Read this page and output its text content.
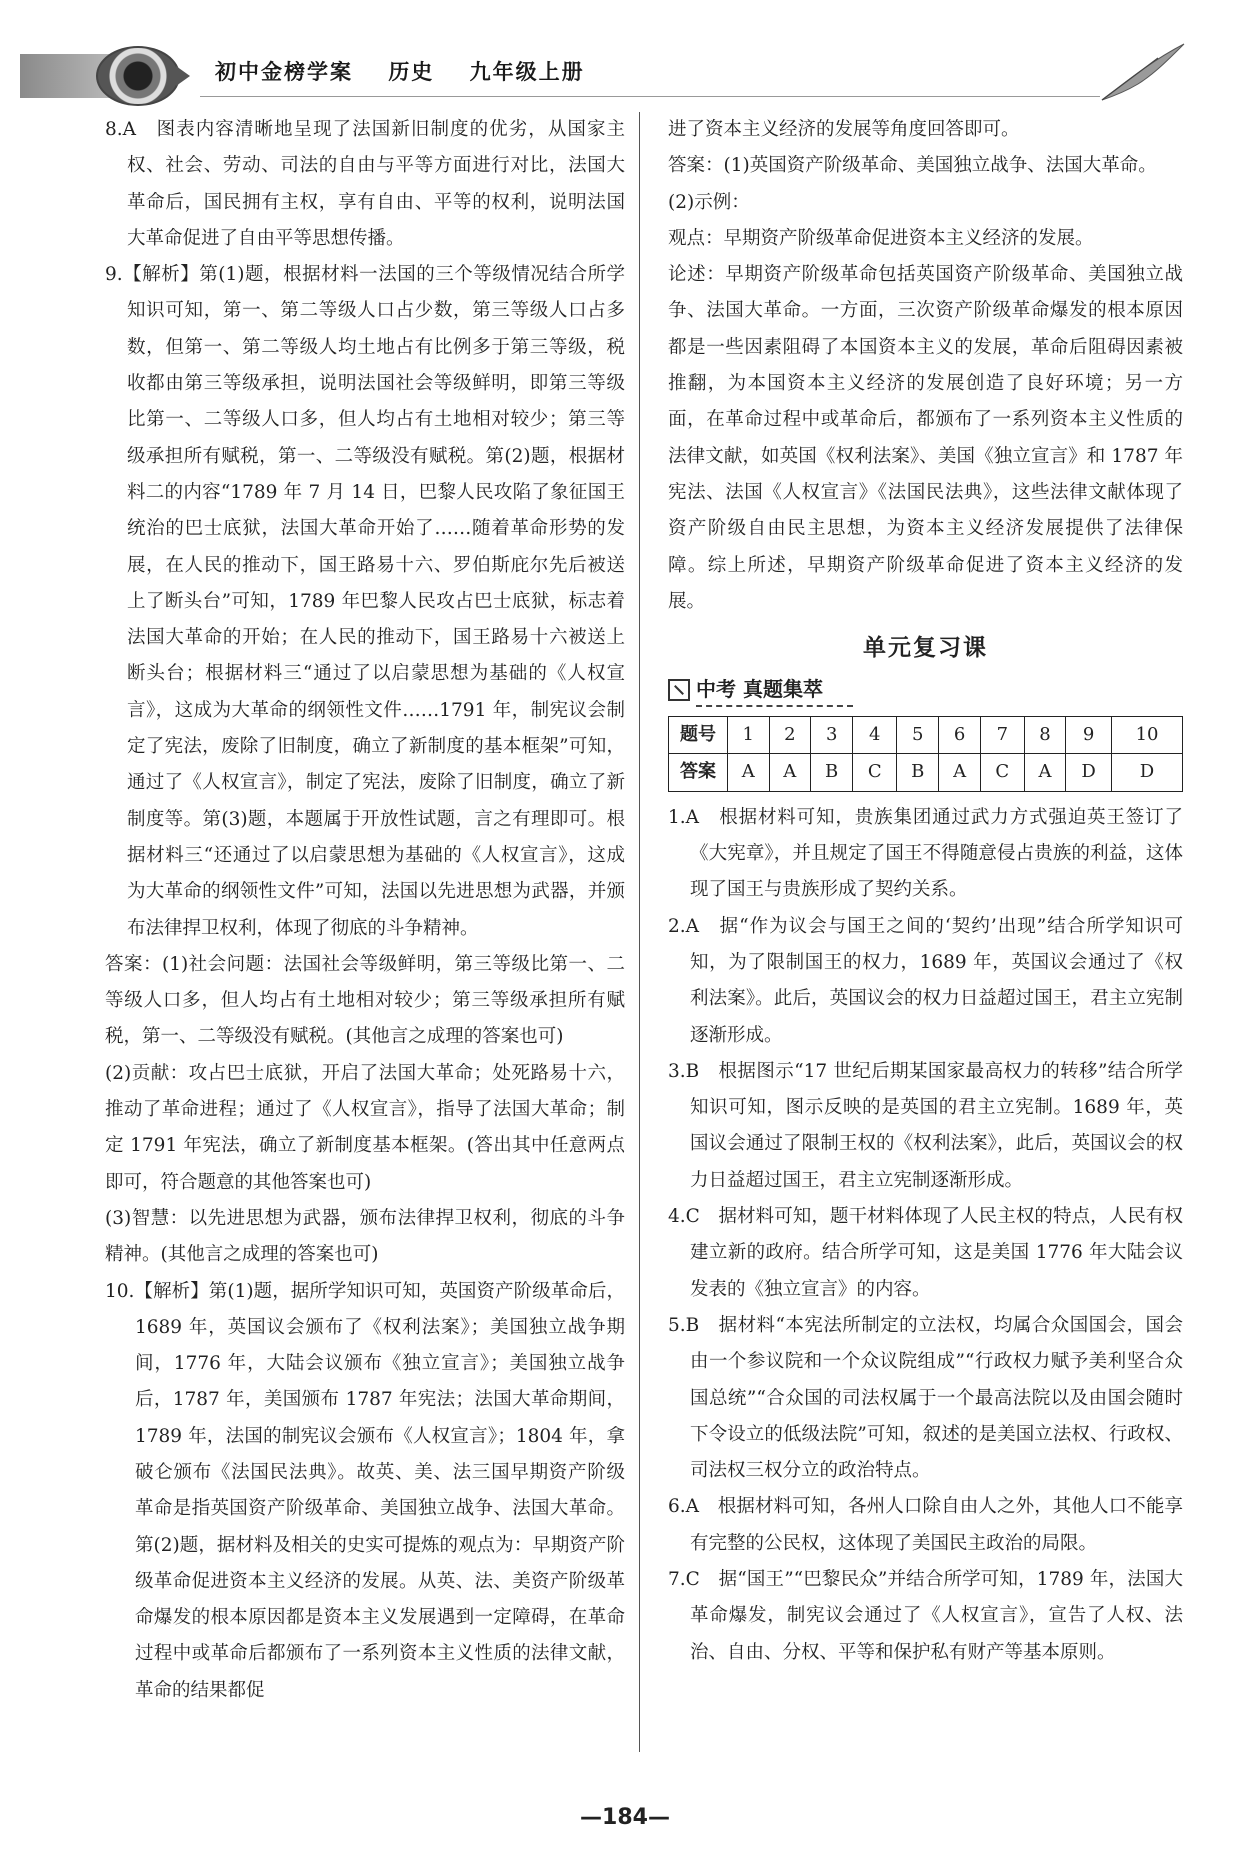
初中金榜学案 历史 九年级上册

8.A　图表内容清晰地呈现了法国新旧制度的优劣，从国家主权、社会、劳动、司法的自由与平等方面进行对比，法国大革命后，国民拥有主权，享有自由、平等的权利，说明法国大革命促进了自由平等思想传播。

9.【解析】第(1)题，根据材料一法国的三个等级情况结合所学知识可知，第一、第二等级人口占少数，第三等级人口占多数，但第一、第二等级人均土地占有比例多于第三等级，税收都由第三等级承担，说明法国社会等级鲜明，即第三等级比第一、二等级人口多，但人均占有土地相对较少；第三等级承担所有赋税，第一、二等级没有赋税。第(2)题，根据材料二的内容“1789 年 7 月 14 日，巴黎人民攻陷了象征国王统治的巴士底狱，法国大革命开始了……随着革命形势的发展，在人民的推动下，国王路易十六、罗伯斯庇尔先后被送上了断头台”可知，1789 年巴黎人民攻占巴士底狱，标志着法国大革命的开始；在人民的推动下，国王路易十六被送上断头台；根据材料三“通过了以启蒙思想为基础的《人权宣言》，这成为大革命的纲领性文件……1791 年，制宪议会制定了宪法，废除了旧制度，确立了新制度的基本框架”可知，通过了《人权宣言》，制定了宪法，废除了旧制度，确立了新制度等。第(3)题，本题属于开放性试题，言之有理即可。根据材料三“还通过了以启蒙思想为基础的《人权宣言》，这成为大革命的纲领性文件”可知，法国以先进思想为武器，并颁布法律捍卫权利，体现了彻底的斗争精神。

答案：(1)社会问题：法国社会等级鲜明，第三等级比第一、二等级人口多，但人均占有土地相对较少；第三等级承担所有赋税，第一、二等级没有赋税。(其他言之成理的答案也可)

(2)贡献：攻占巴士底狱，开启了法国大革命；处死路易十六，推动了革命进程；通过了《人权宣言》，指导了法国大革命；制定 1791 年宪法，确立了新制度基本框架。(答出其中任意两点即可，符合题意的其他答案也可)

(3)智慧：以先进思想为武器，颁布法律捍卫权利，彻底的斗争精神。(其他言之成理的答案也可)

10.【解析】第(1)题，据所学知识可知，英国资产阶级革命后，1689 年，英国议会颁布了《权利法案》；美国独立战争期间，1776 年，大陆会议颁布《独立宣言》；美国独立战争后，1787 年，美国颁布 1787 年宪法；法国大革命期间，1789 年，法国的制宪议会颁布《人权宣言》；1804 年，拿破仑颁布《法国民法典》。故英、美、法三国早期资产阶级革命是指英国资产阶级革命、美国独立战争、法国大革命。第(2)题，据材料及相关的史实可提炼的观点为：早期资产阶级革命促进资本主义经济的发展。从英、法、美资产阶级革命爆发的根本原因都是资本主义发展遇到一定障碍，在革命过程中或革命后都颁布了一系列资本主义性质的法律文献，革命的结果都促

进了资本主义经济的发展等角度回答即可。

答案：(1)英国资产阶级革命、美国独立战争、法国大革命。

(2)示例：

观点：早期资产阶级革命促进资本主义经济的发展。

论述：早期资产阶级革命包括英国资产阶级革命、美国独立战争、法国大革命。一方面，三次资产阶级革命爆发的根本原因都是一些因素阻碍了本国资本主义的发展，革命后阻碍因素被推翻，为本国资本主义经济的发展创造了良好环境；另一方面，在革命过程中或革命后，都颁布了一系列资本主义性质的法律文献，如英国《权利法案》、美国《独立宣言》和 1787 年宪法、法国《人权宣言》《法国民法典》，这些法律文献体现了资产阶级自由民主思想，为资本主义经济发展提供了法律保障。综上所述，早期资产阶级革命促进了资本主义经济的发展。

单元复习课
中考 真题集萃
题号	1	2	3	4	5	6	7	8	9	10
答案	A	A	B	C	B	A	C	A	D	D

1.A　根据材料可知，贵族集团通过武力方式强迫英王签订了《大宪章》，并且规定了国王不得随意侵占贵族的利益，这体现了国王与贵族形成了契约关系。

2.A　据“作为议会与国王之间的‘契约’出现”结合所学知识可知，为了限制国王的权力，1689 年，英国议会通过了《权利法案》。此后，英国议会的权力日益超过国王，君主立宪制逐渐形成。

3.B　根据图示“17 世纪后期某国家最高权力的转移”结合所学知识可知，图示反映的是英国的君主立宪制。1689 年，英国议会通过了限制王权的《权利法案》，此后，英国议会的权力日益超过国王，君主立宪制逐渐形成。

4.C　据材料可知，题干材料体现了人民主权的特点，人民有权建立新的政府。结合所学可知，这是美国 1776 年大陆会议发表的《独立宣言》的内容。

5.B　据材料“本宪法所制定的立法权，均属合众国国会，国会由一个参议院和一个众议院组成”“行政权力赋予美利坚合众国总统”“合众国的司法权属于一个最高法院以及由国会随时下令设立的低级法院”可知，叙述的是美国立法权、行政权、司法权三权分立的政治特点。

6.A　根据材料可知，各州人口除自由人之外，其他人口不能享有完整的公民权，这体现了美国民主政治的局限。

7.C　据“国王”“巴黎民众”并结合所学可知，1789 年，法国大革命爆发，制宪议会通过了《人权宣言》，宣告了人权、法治、自由、分权、平等和保护私有财产等基本原则。

—184—
